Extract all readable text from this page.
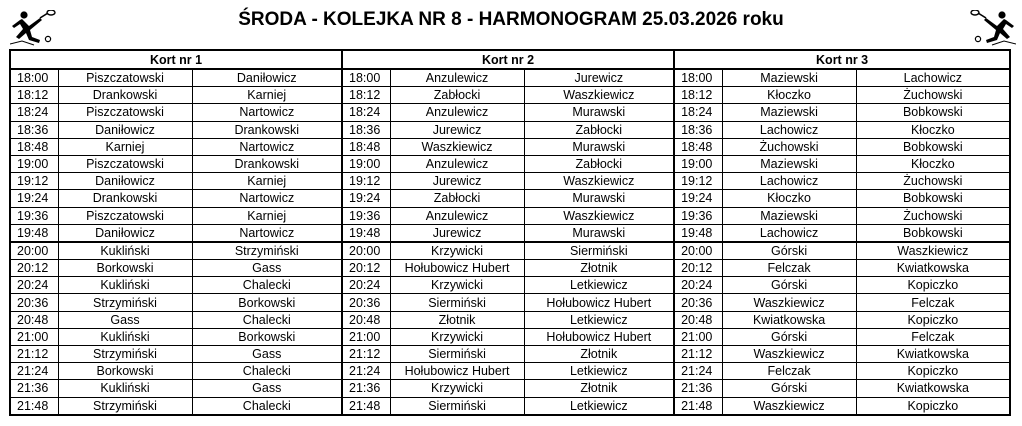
ŚRODA - KOLEJKA NR 8 - HARMONOGRAM 25.03.2026 roku
Kort nr 1			Kort nr 2			Kort nr 3		
18:00	Piszczatowski	Daniłowicz	18:00	Anzulewicz	Jurewicz	18:00	Maziewski	Lachowicz
18:12	Drankowski	Karniej	18:12	Zabłocki	Waszkiewicz	18:12	Kłoczko	Żuchowski
18:24	Piszczatowski	Nartowicz	18:24	Anzulewicz	Murawski	18:24	Maziewski	Bobkowski
18:36	Daniłowicz	Drankowski	18:36	Jurewicz	Zabłocki	18:36	Lachowicz	Kłoczko
18:48	Karniej	Nartowicz	18:48	Waszkiewicz	Murawski	18:48	Żuchowski	Bobkowski
19:00	Piszczatowski	Drankowski	19:00	Anzulewicz	Zabłocki	19:00	Maziewski	Kłoczko
19:12	Daniłowicz	Karniej	19:12	Jurewicz	Waszkiewicz	19:12	Lachowicz	Żuchowski
19:24	Drankowski	Nartowicz	19:24	Zabłocki	Murawski	19:24	Kłoczko	Bobkowski
19:36	Piszczatowski	Karniej	19:36	Anzulewicz	Waszkiewicz	19:36	Maziewski	Żuchowski
19:48	Daniłowicz	Nartowicz	19:48	Jurewicz	Murawski	19:48	Lachowicz	Bobkowski
20:00	Kukliński	Strzymiński	20:00	Krzywicki	Siermiński	20:00	Górski	Waszkiewicz
20:12	Borkowski	Gass	20:12	Hołubowicz Hubert	Złotnik	20:12	Felczak	Kwiatkowska
20:24	Kukliński	Chalecki	20:24	Krzywicki	Letkiewicz	20:24	Górski	Kopiczko
20:36	Strzymiński	Borkowski	20:36	Siermiński	Hołubowicz Hubert	20:36	Waszkiewicz	Felczak
20:48	Gass	Chalecki	20:48	Złotnik	Letkiewicz	20:48	Kwiatkowska	Kopiczko
21:00	Kukliński	Borkowski	21:00	Krzywicki	Hołubowicz Hubert	21:00	Górski	Felczak
21:12	Strzymiński	Gass	21:12	Siermiński	Złotnik	21:12	Waszkiewicz	Kwiatkowska
21:24	Borkowski	Chalecki	21:24	Hołubowicz Hubert	Letkiewicz	21:24	Felczak	Kopiczko
21:36	Kukliński	Gass	21:36	Krzywicki	Złotnik	21:36	Górski	Kwiatkowska
21:48	Strzymiński	Chalecki	21:48	Siermiński	Letkiewicz	21:48	Waszkiewicz	Kopiczko
